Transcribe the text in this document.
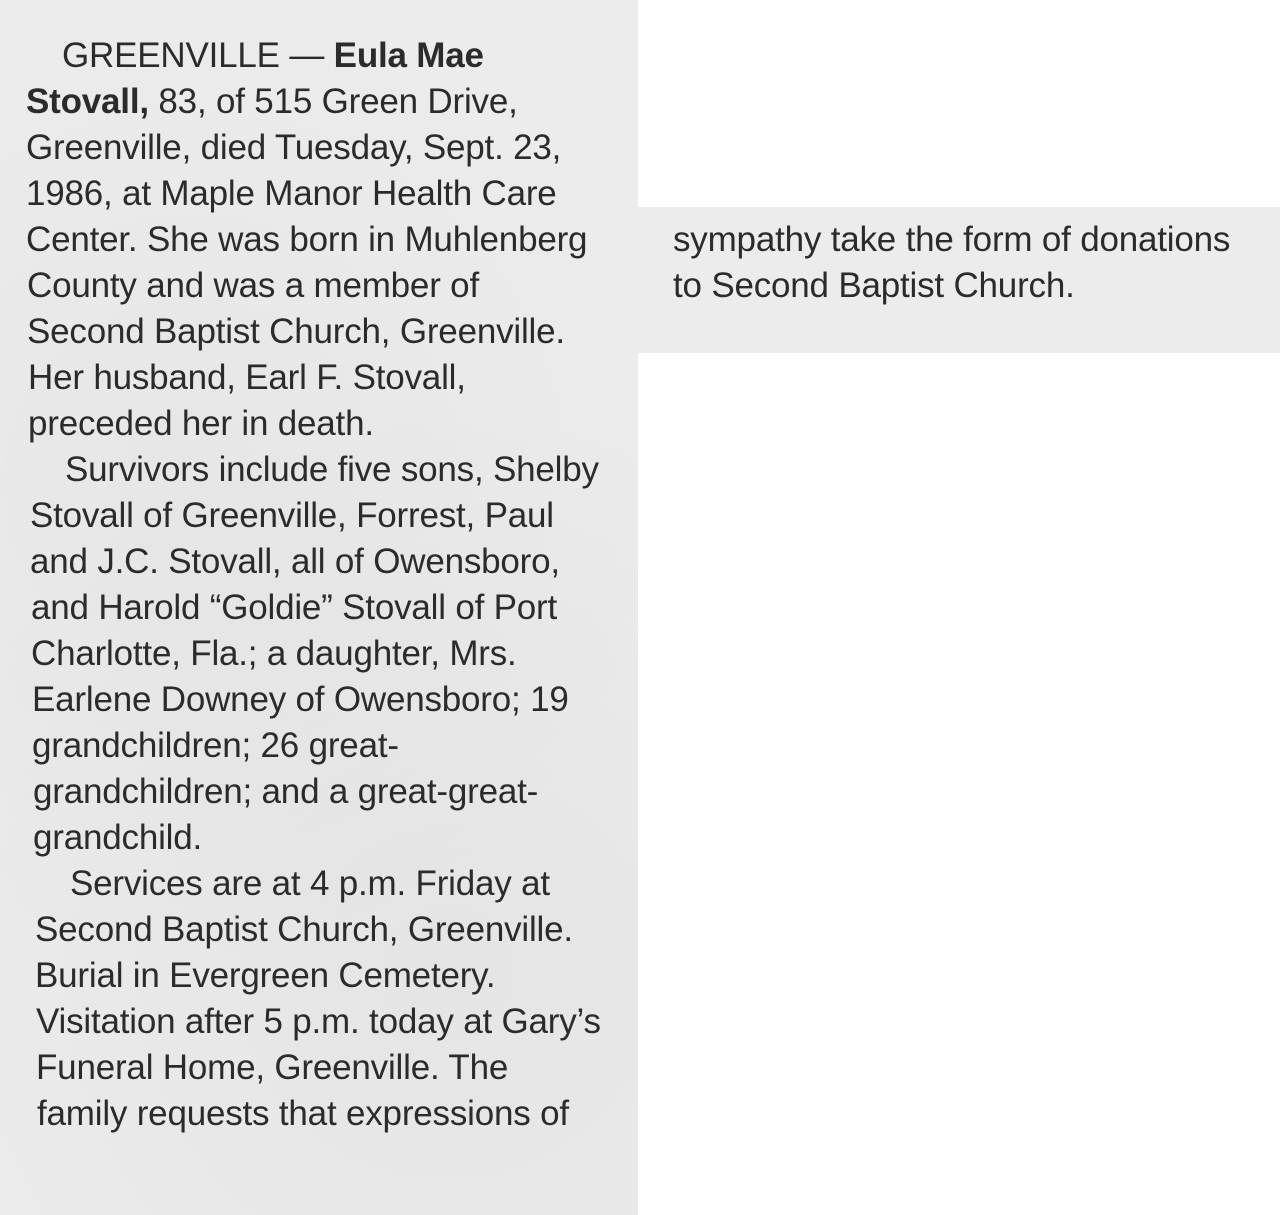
GREENVILLE — Eula Mae
Stovall, 83, of 515 Green Drive,
Greenville, died Tuesday, Sept. 23,
1986, at Maple Manor Health Care
Center. She was born in Muhlenberg
County and was a member of
Second Baptist Church, Greenville.
Her husband, Earl F. Stovall,
preceded her in death.
Survivors include five sons, Shelby
Stovall of Greenville, Forrest, Paul
and J.C. Stovall, all of Owensboro,
and Harold “Goldie” Stovall of Port
Charlotte, Fla.; a daughter, Mrs.
Earlene Downey of Owensboro; 19
grandchildren; 26 great-
grandchildren; and a great-great-
grandchild.
Services are at 4 p.m. Friday at
Second Baptist Church, Greenville.
Burial in Evergreen Cemetery.
Visitation after 5 p.m. today at Gary’s
Funeral Home, Greenville. The
family requests that expressions of
sympathy take the form of donations
to Second Baptist Church.
